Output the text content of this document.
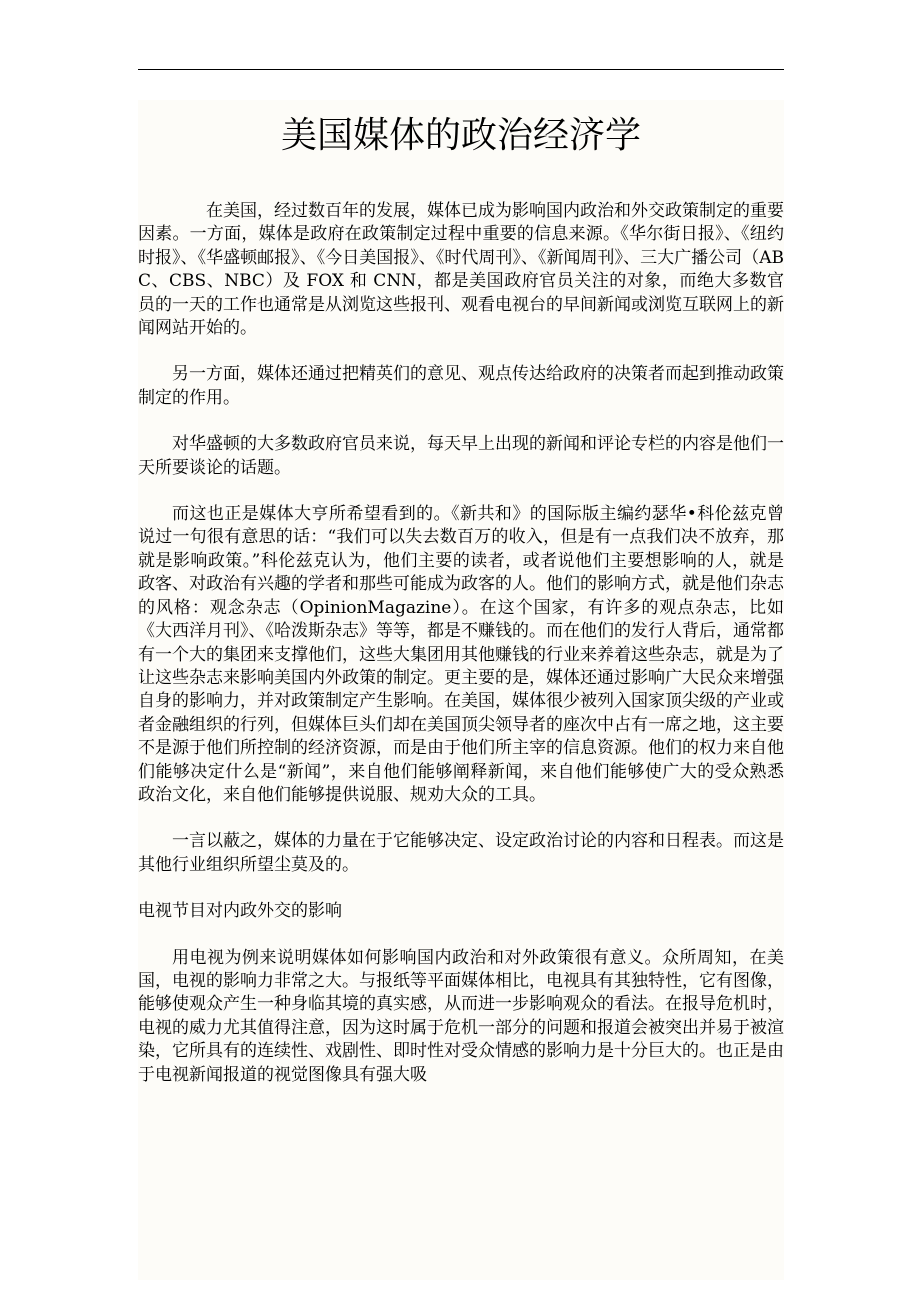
美国媒体的政治经济学

在美国，经过数百年的发展，媒体已成为影响国内政治和外交政策制定的重要因素。一方面，媒体是政府在政策制定过程中重要的信息来源。《华尔街日报》、《纽约时报》、《华盛顿邮报》、《今日美国报》、《时代周刊》、《新闻周刊》、三大广播公司（ABC、CBS、NBC）及 FOX 和 CNN，都是美国政府官员关注的对象，而绝大多数官员的一天的工作也通常是从浏览这些报刊、观看电视台的早间新闻或浏览互联网上的新闻网站开始的。

另一方面，媒体还通过把精英们的意见、观点传达给政府的决策者而起到推动政策制定的作用。

对华盛顿的大多数政府官员来说，每天早上出现的新闻和评论专栏的内容是他们一天所要谈论的话题。

而这也正是媒体大亨所希望看到的。《新共和》的国际版主编约瑟华•科伦兹克曾说过一句很有意思的话：“我们可以失去数百万的收入，但是有一点我们决不放弃，那就是影响政策。”科伦兹克认为，他们主要的读者，或者说他们主要想影响的人，就是政客、对政治有兴趣的学者和那些可能成为政客的人。他们的影响方式，就是他们杂志的风格：观念杂志（OpinionMagazine）。在这个国家，有许多的观点杂志，比如《大西洋月刊》、《哈泼斯杂志》等等，都是不赚钱的。而在他们的发行人背后，通常都有一个大的集团来支撑他们，这些大集团用其他赚钱的行业来养着这些杂志，就是为了让这些杂志来影响美国内外政策的制定。更主要的是，媒体还通过影响广大民众来增强自身的影响力，并对政策制定产生影响。在美国，媒体很少被列入国家顶尖级的产业或者金融组织的行列，但媒体巨头们却在美国顶尖领导者的座次中占有一席之地，这主要不是源于他们所控制的经济资源，而是由于他们所主宰的信息资源。他们的权力来自他们能够决定什么是“新闻”，来自他们能够阐释新闻，来自他们能够使广大的受众熟悉政治文化，来自他们能够提供说服、规劝大众的工具。

一言以蔽之，媒体的力量在于它能够决定、设定政治讨论的内容和日程表。而这是其他行业组织所望尘莫及的。

电视节目对内政外交的影响

用电视为例来说明媒体如何影响国内政治和对外政策很有意义。众所周知，在美国，电视的影响力非常之大。与报纸等平面媒体相比，电视具有其独特性，它有图像，能够使观众产生一种身临其境的真实感，从而进一步影响观众的看法。在报导危机时，电视的威力尤其值得注意，因为这时属于危机一部分的问题和报道会被突出并易于被渲染，它所具有的连续性、戏剧性、即时性对受众情感的影响力是十分巨大的。也正是由于电视新闻报道的视觉图像具有强大吸
